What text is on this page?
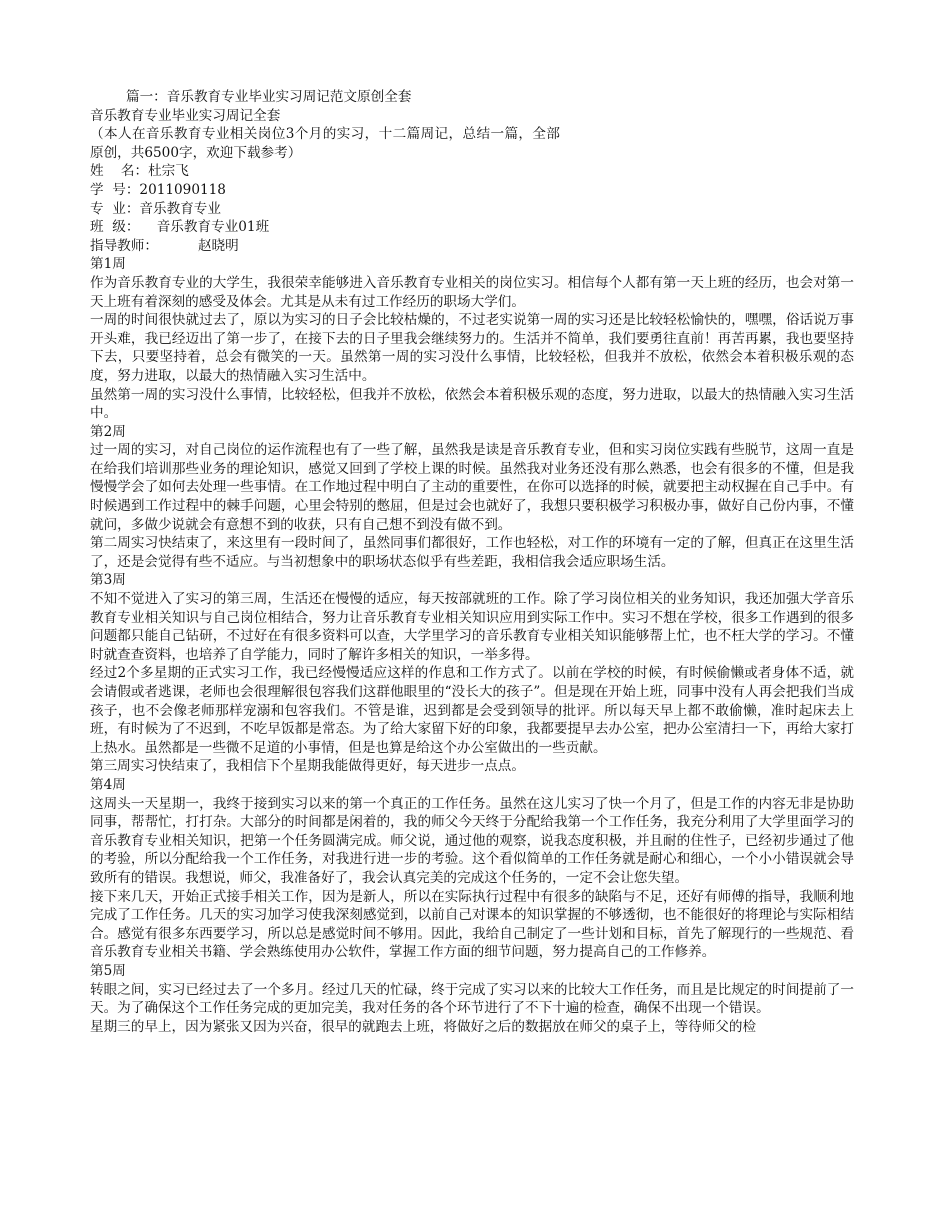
篇一：音乐教育专业毕业实习周记范文原创全套
音乐教育专业毕业实习周记全套

（本人在音乐教育专业相关岗位3个月的实习，十二篇周记，总结一篇，全部原创，共6500字，欢迎下载参考）

姓    名：杜宗飞
学  号：2011090118
专  业：音乐教育专业
班  级：    音乐教育专业01班
指导教师：	赵晓明
第1周

作为音乐教育专业的大学生，我很荣幸能够进入音乐教育专业相关的岗位实习。相信每个人都有第一天上班的经历，也会对第一天上班有着深刻的感受及体会。尤其是从未有过工作经历的职场大学们。

一周的时间很快就过去了，原以为实习的日子会比较枯燥的，不过老实说第一周的实习还是比较轻松愉快的，嘿嘿，俗话说万事开头难，我已经迈出了第一步了，在接下去的日子里我会继续努力的。生活并不简单，我们要勇往直前！再苦再累，我也要坚持下去，只要坚持着，总会有微笑的一天。虽然第一周的实习没什么事情，比较轻松，但我并不放松，依然会本着积极乐观的态度，努力进取，以最大的热情融入实习生活中。

虽然第一周的实习没什么事情，比较轻松，但我并不放松，依然会本着积极乐观的态度，努力进取，以最大的热情融入实习生活中。

第2周

过一周的实习，对自己岗位的运作流程也有了一些了解，虽然我是读是音乐教育专业，但和实习岗位实践有些脱节，这周一直是在给我们培训那些业务的理论知识，感觉又回到了学校上课的时候。虽然我对业务还没有那么熟悉，也会有很多的不懂，但是我慢慢学会了如何去处理一些事情。在工作地过程中明白了主动的重要性，在你可以选择的时候，就要把主动权握在自己手中。有时候遇到工作过程中的棘手问题，心里会特别的憋屈，但是过会也就好了，我想只要积极学习积极办事，做好自己份内事，不懂就问，多做少说就会有意想不到的收获，只有自己想不到没有做不到。

第二周实习快结束了，来这里有一段时间了，虽然同事们都很好，工作也轻松，对工作的环境有一定的了解，但真正在这里生活了，还是会觉得有些不适应。与当初想象中的职场状态似乎有些差距，我相信我会适应职场生活。

第3周

不知不觉进入了实习的第三周，生活还在慢慢的适应，每天按部就班的工作。除了学习岗位相关的业务知识，我还加强大学音乐教育专业相关知识与自己岗位相结合，努力让音乐教育专业相关知识应用到实际工作中。实习不想在学校，很多工作遇到的很多问题都只能自己钻研，不过好在有很多资料可以查，大学里学习的音乐教育专业相关知识能够帮上忙，也不枉大学的学习。不懂时就查查资料，也培养了自学能力，同时了解许多相关的知识，一举多得。

经过2个多星期的正式实习工作，我已经慢慢适应这样的作息和工作方式了。以前在学校的时候，有时候偷懒或者身体不适，就会请假或者逃课，老师也会很理解很包容我们这群他眼里的“没长大的孩子”。但是现在开始上班，同事中没有人再会把我们当成孩子，也不会像老师那样宠溺和包容我们。不管是谁，迟到都是会受到领导的批评。所以每天早上都不敢偷懒，准时起床去上班，有时候为了不迟到，不吃早饭都是常态。为了给大家留下好的印象，我都要提早去办公室，把办公室清扫一下，再给大家打上热水。虽然都是一些微不足道的小事情，但是也算是给这个办公室做出的一些贡献。

第三周实习快结束了，我相信下个星期我能做得更好，每天进步一点点。

第4周

这周头一天星期一，我终于接到实习以来的第一个真正的工作任务。虽然在这儿实习了快一个月了，但是工作的内容无非是协助同事，帮帮忙，打打杂。大部分的时间都是闲着的，我的师父今天终于分配给我第一个工作任务，我充分利用了大学里面学习的音乐教育专业相关知识，把第一个任务圆满完成。师父说，通过他的观察，说我态度积极，并且耐的住性子，已经初步通过了他的考验，所以分配给我一个工作任务，对我进行进一步的考验。这个看似简单的工作任务就是耐心和细心，一个小小错误就会导致所有的错误。我想说，师父，我准备好了，我会认真完美的完成这个任务的，一定不会让您失望。

接下来几天，开始正式接手相关工作，因为是新人，所以在实际执行过程中有很多的缺陷与不足，还好有师傅的指导，我顺利地完成了工作任务。几天的实习加学习使我深刻感觉到，以前自己对课本的知识掌握的不够透彻，也不能很好的将理论与实际相结合。感觉有很多东西要学习，所以总是感觉时间不够用。因此，我给自己制定了一些计划和目标，首先了解现行的一些规范、看音乐教育专业相关书籍、学会熟练使用办公软件，掌握工作方面的细节问题，努力提高自己的工作修养。

第5周

转眼之间，实习已经过去了一个多月。经过几天的忙碌，终于完成了实习以来的比较大工作任务，而且是比规定的时间提前了一天。为了确保这个工作任务完成的更加完美，我对任务的各个环节进行了不下十遍的检查，确保不出现一个错误。

星期三的早上，因为紧张又因为兴奋，很早的就跑去上班，将做好之后的数据放在师父的桌子上，等待师父的检
